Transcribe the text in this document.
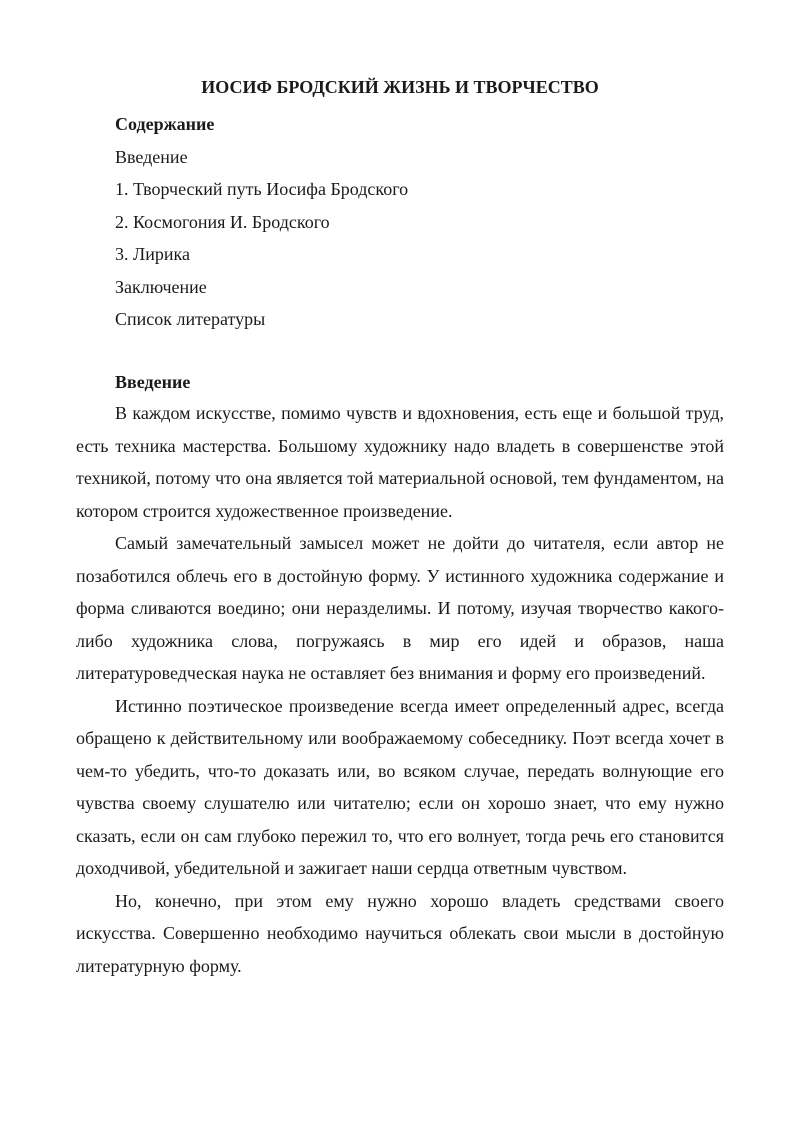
ИОСИФ БРОДСКИЙ ЖИЗНЬ И ТВОРЧЕСТВО
Содержание
Введение
1. Творческий путь Иосифа Бродского
2. Космогония И. Бродского
3. Лирика
Заключение
Список литературы
Введение

В каждом искусстве, помимо чувств и вдохновения, есть еще и большой труд, есть техника мастерства. Большому художнику надо владеть в совершенстве этой техникой, потому что она является той материальной основой, тем фундаментом, на котором строится художественное произведение.

Самый замечательный замысел может не дойти до читателя, если автор не позаботился облечь его в достойную форму. У истинного художника содержание и форма сливаются воедино; они неразделимы. И потому, изучая творчество какого-либо художника слова, погружаясь в мир его идей и образов, наша литературоведческая наука не оставляет без внимания и форму его произведений.

Истинно поэтическое произведение всегда имеет определенный адрес, всегда обращено к действительному или воображаемому собеседнику. Поэт всегда хочет в чем-то убедить, что-то доказать или, во всяком случае, передать волнующие его чувства своему слушателю или читателю; если он хорошо знает, что ему нужно сказать, если он сам глубоко пережил то, что его волнует, тогда речь его становится доходчивой, убедительной и зажигает наши сердца ответным чувством.

Но, конечно, при этом ему нужно хорошо владеть средствами своего искусства. Совершенно необходимо научиться облекать свои мысли в достойную литературную форму.
